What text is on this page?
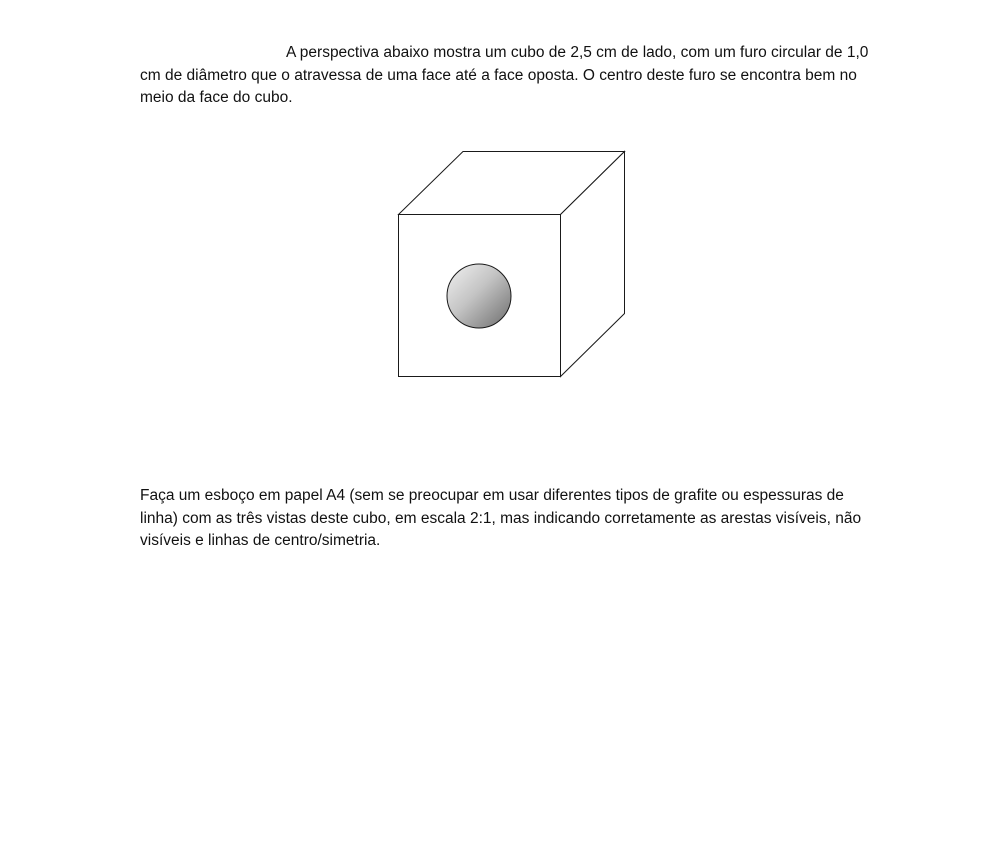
A perspectiva abaixo mostra um cubo de 2,5 cm de lado, com um furo circular de 1,0 cm de diâmetro que o atravessa de uma face até a face oposta. O centro deste furo se encontra bem no meio da face do cubo.

Faça um esboço em papel A4 (sem se preocupar em usar diferentes tipos de grafite ou espessuras de linha) com as três vistas deste cubo, em escala 2:1, mas indicando corretamente as arestas visíveis, não visíveis e linhas de centro/simetria.
